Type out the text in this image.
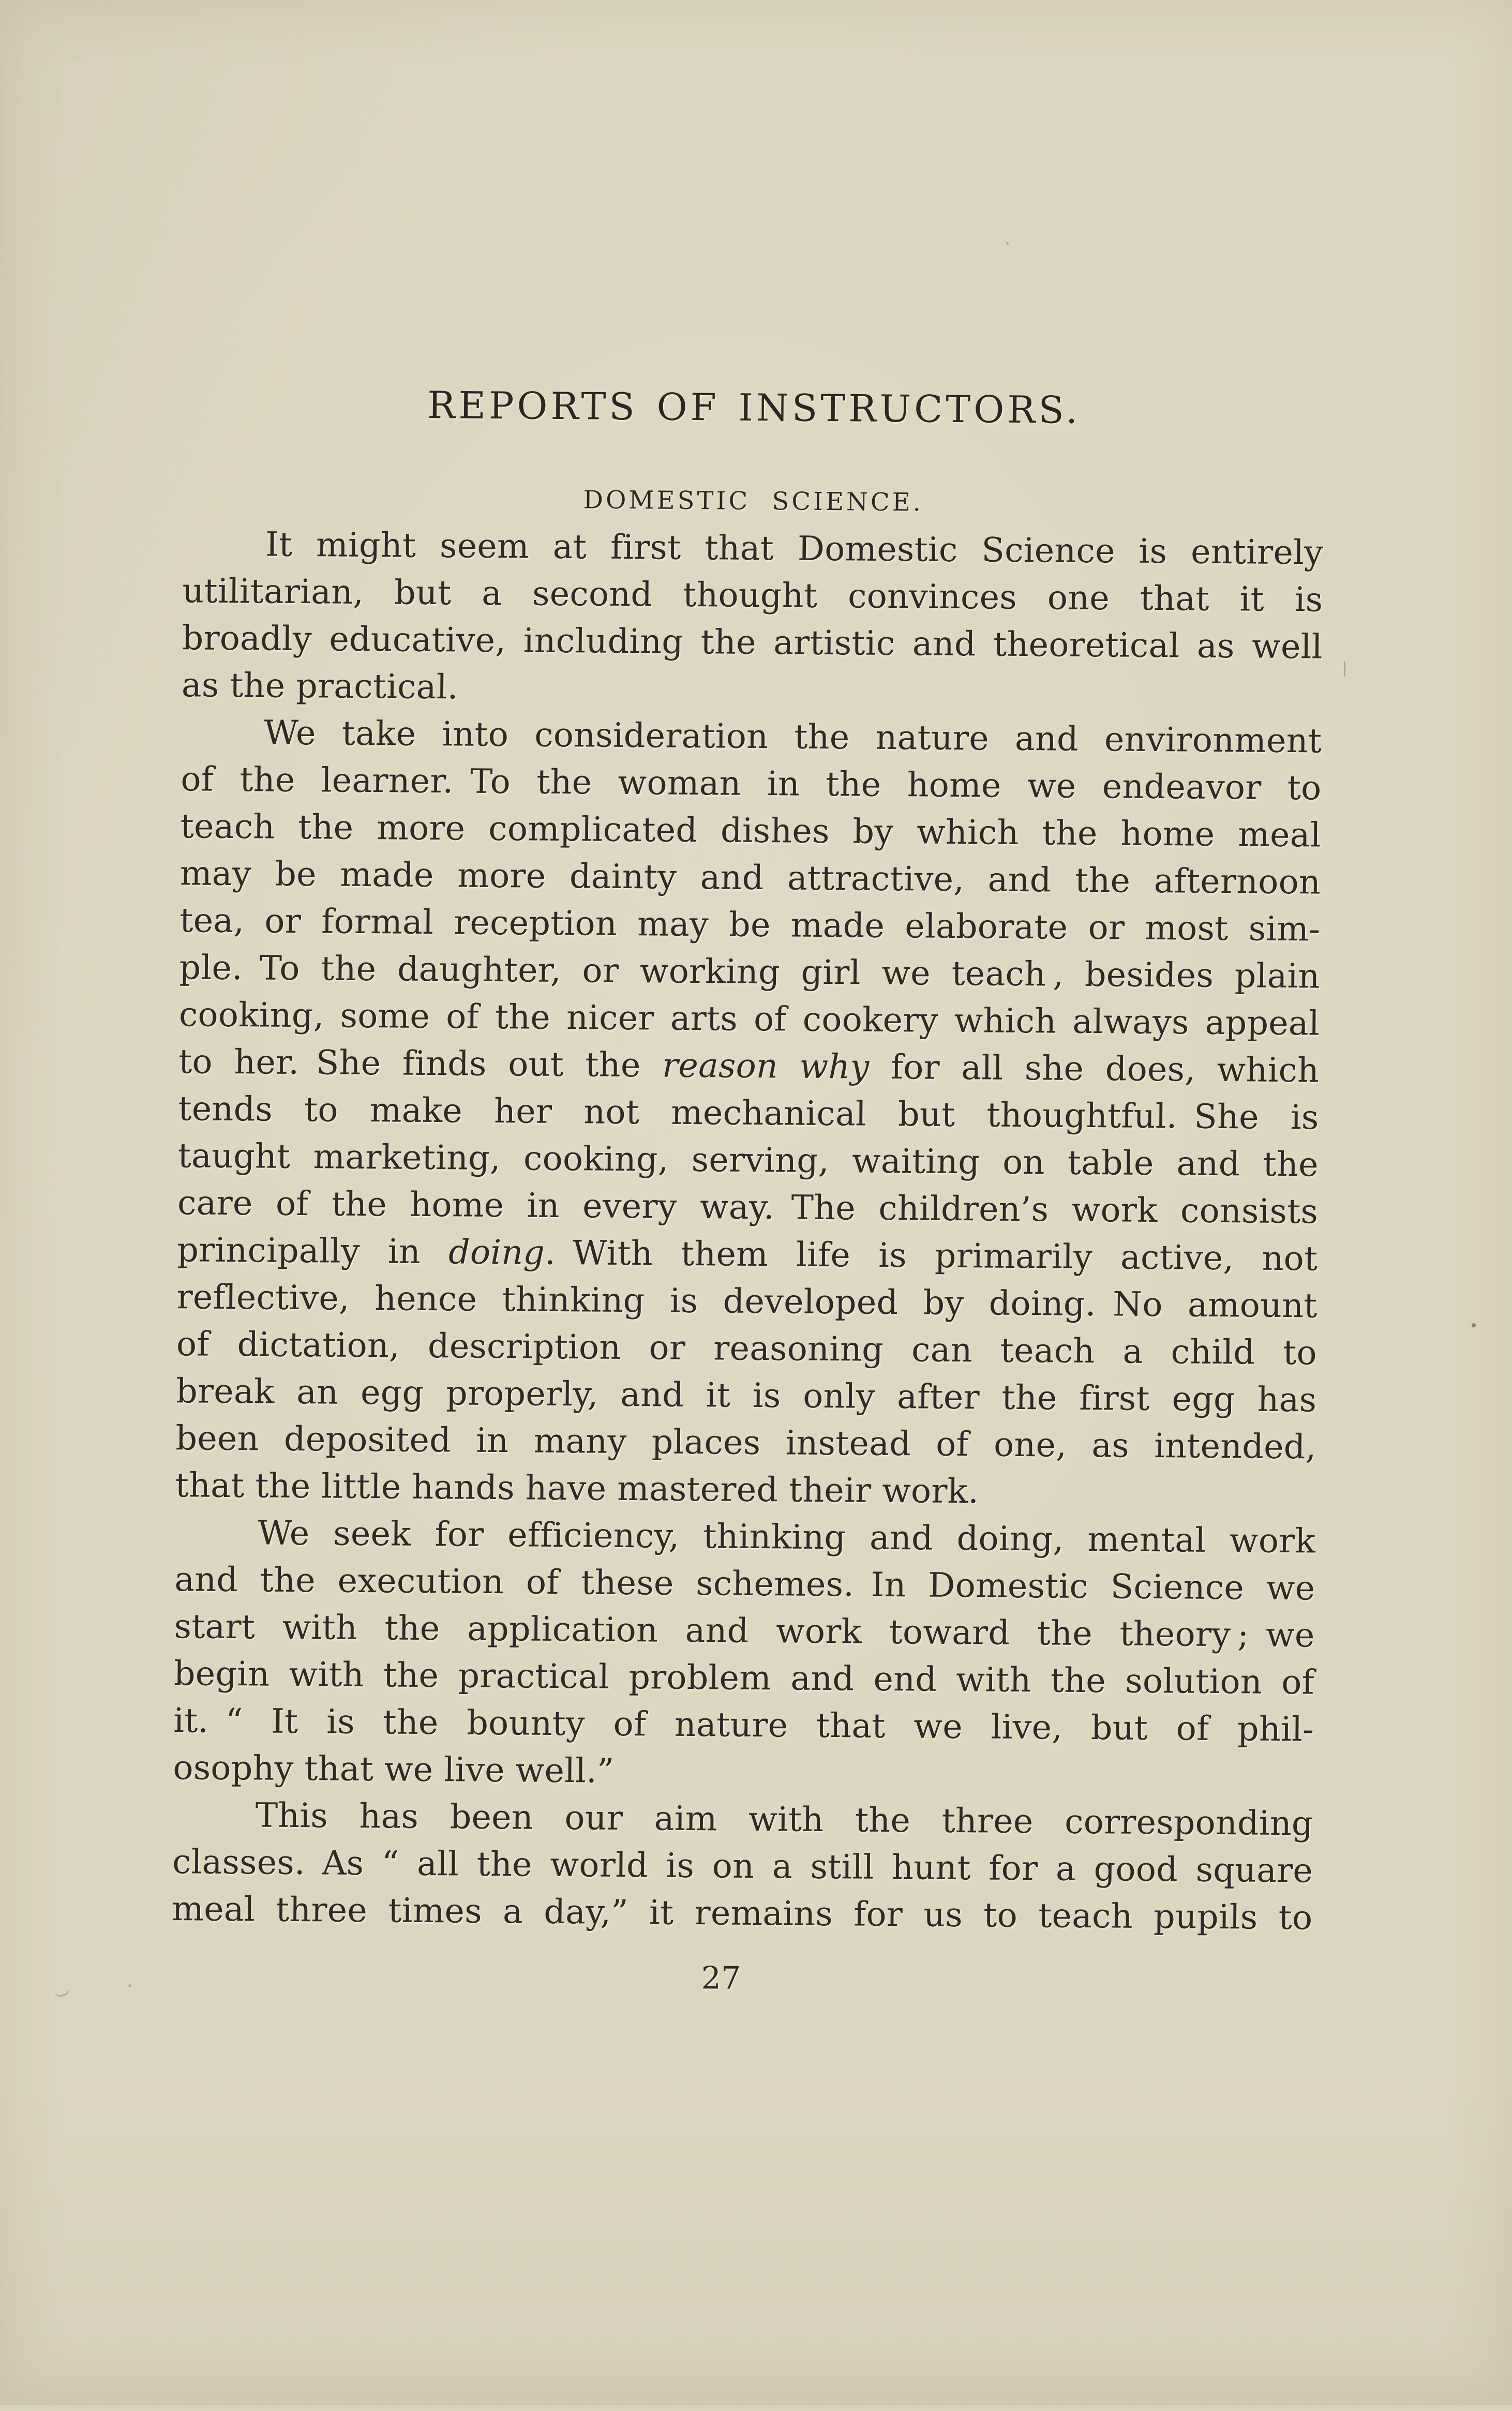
REPORTS OF INSTRUCTORS.
DOMESTIC SCIENCE.
It might seem at first that Domestic Science is entirely
utilitarian, but a second thought convinces one that it is
broadly educative, including the artistic and theoretical as well
as the practical.
We take into consideration the nature and environment
of the learner. To the woman in the home we endeavor to
teach the more complicated dishes by which the home meal
may be made more dainty and attractive, and the afternoon
tea, or formal reception may be made elaborate or most sim-
ple. To the daughter, or working girl we teach , besides plain
cooking, some of the nicer arts of cookery which always appeal
to her. She finds out the reason why for all she does, which
tends to make her not mechanical but thoughtful. She is
taught marketing, cooking, serving, waiting on table and the
care of the home in every way. The children’s work consists
principally in doing. With them life is primarily active, not
reflective, hence thinking is developed by doing. No amount
of dictation, description or reasoning can teach a child to
break an egg properly, and it is only after the first egg has
been deposited in many places instead of one, as intended,
that the little hands have mastered their work.
We seek for efficiency, thinking and doing, mental work
and the execution of these schemes. In Domestic Science we
start with the application and work toward the theory ; we
begin with the practical problem and end with the solution of
it. “ It is the bounty of nature that we live, but of phil-
osophy that we live well.”
This has been our aim with the three corresponding
classes. As “ all the world is on a still hunt for a good square
meal three times a day,” it remains for us to teach pupils to
27
